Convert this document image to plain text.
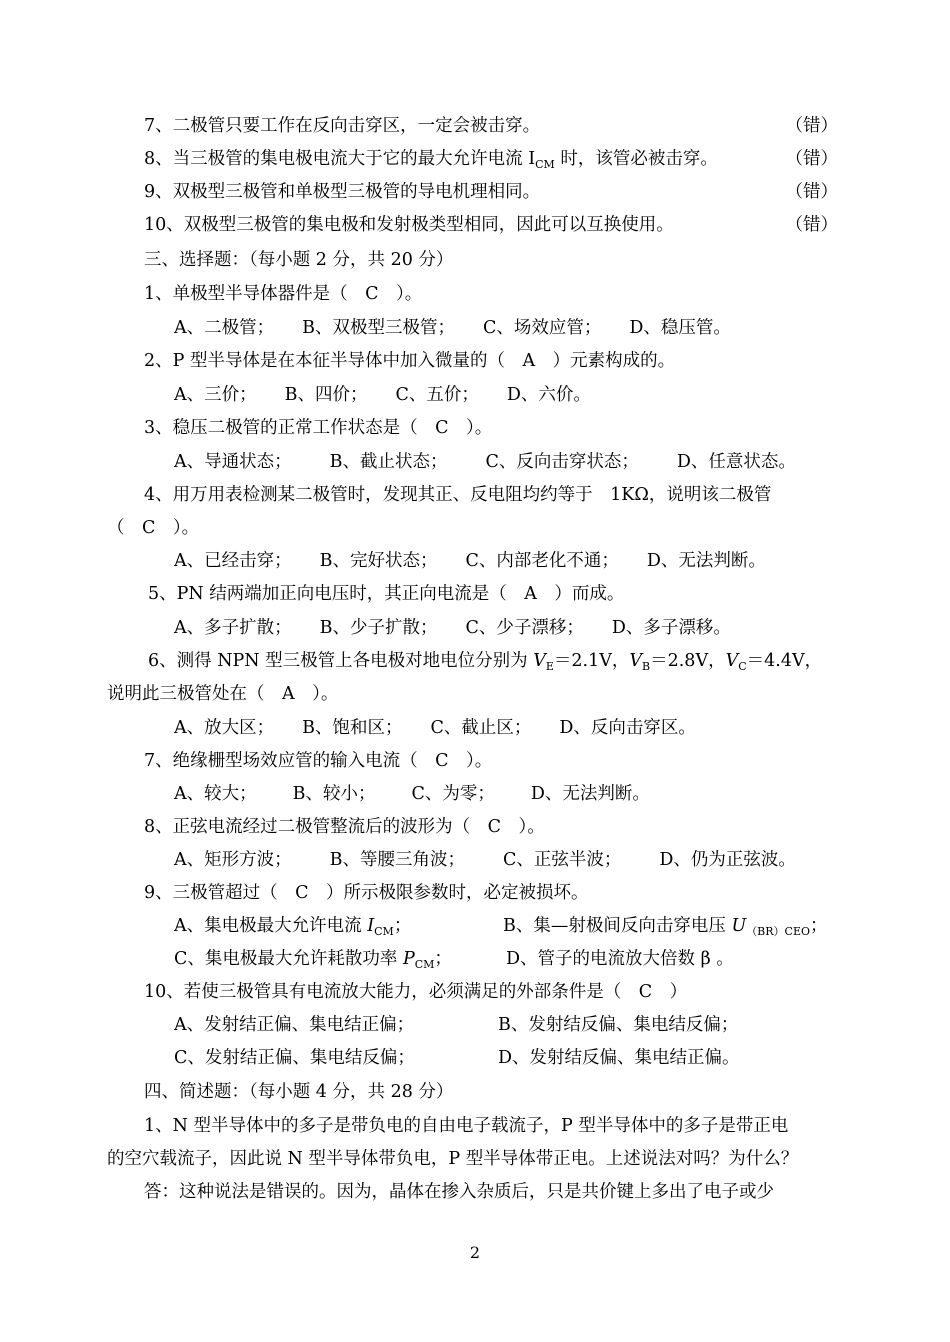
7、二极管只要工作在反向击穿区，一定会被击穿。	（错）
8、当三极管的集电极电流大于它的最大允许电流 $I_{CM}$ 时，该管必被击穿。	（错）
9、双极型三极管和单极型三极管的导电机理相同。	（错）
10、双极型三极管的集电极和发射极类型相同，因此可以互换使用。	（错）
三、选择题：（每小题 2 分，共 20 分）
1、单极型半导体器件是（　C　）。
A、二极管； B、双极型三极管； C、场效应管； D、稳压管。
2、P 型半导体是在本征半导体中加入微量的（　A　）元素构成的。
A、三价； B、四价； C、五价； D、六价。
3、稳压二极管的正常工作状态是（　C　）。
A、导通状态； B、截止状态； C、反向击穿状态； D、任意状态。
4、用万用表检测某二极管时，发现其正、反电阻均约等于　1KΩ，说明该二极管
（　C　）。
A、已经击穿； B、完好状态； C、内部老化不通； D、无法判断。
5、PN 结两端加正向电压时，其正向电流是（　A　）而成。
A、多子扩散； B、少子扩散； C、少子漂移； D、多子漂移。
6、测得 NPN 型三极管上各电极对地电位分别为 $V_E=2.1V$，$V_B=2.8V$，$V_C=4.4V$，
说明此三极管处在（　A　）。
A、放大区； B、饱和区； C、截止区； D、反向击穿区。
7、绝缘栅型场效应管的输入电流（　C　）。
A、较大； B、较小； C、为零； D、无法判断。
8、正弦电流经过二极管整流后的波形为（　C　）。
A、矩形方波； B、等腰三角波； C、正弦半波； D、仍为正弦波。
9、三极管超过（　C　）所示极限参数时，必定被损坏。
A、集电极最大允许电流 $I_{CM}$；	B、集—射极间反向击穿电压 $U_{(BR)CEO}$；
C、集电极最大允许耗散功率 $P_{CM}$；	D、管子的电流放大倍数 β 。
10、若使三极管具有电流放大能力，必须满足的外部条件是（　C　）
A、发射结正偏、集电结正偏；	B、发射结反偏、集电结反偏；
C、发射结正偏、集电结反偏；	D、发射结反偏、集电结正偏。
四、简述题：（每小题 4 分，共 28 分）
1、N 型半导体中的多子是带负电的自由电子载流子，P 型半导体中的多子是带正电
的空穴载流子，因此说 N 型半导体带负电，P 型半导体带正电。上述说法对吗？为什么？
答：这种说法是错误的。因为，晶体在掺入杂质后，只是共价键上多出了电子或少
2
